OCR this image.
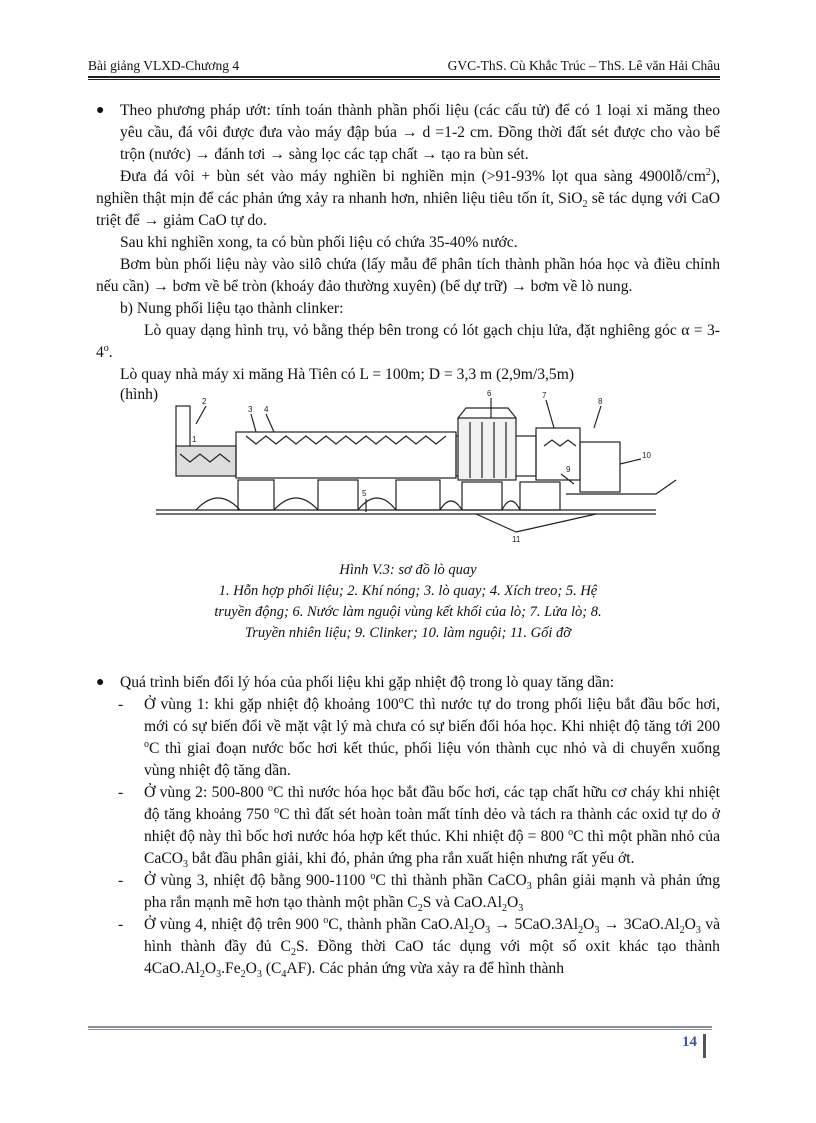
Bài giảng VLXD-Chương 4	GVC-ThS. Cù Khắc Trúc – ThS. Lê văn Hải Châu

● Theo phương pháp ướt: tính toán thành phần phối liệu (các cấu tử) để có 1 loại xi măng theo yêu cầu, đá vôi được đưa vào máy đập búa → d =1-2 cm. Đồng thời đất sét được cho vào bể trộn (nước) → đánh tơi → sàng lọc các tạp chất → tạo ra bùn sét.

Đưa đá vôi + bùn sét vào máy nghiền bi nghiền mịn (>91-93% lọt qua sàng $4900lỗ/cm^2$), nghiền thật mịn để các phản ứng xảy ra nhanh hơn, nhiên liệu tiêu tốn ít, SiO$_2$ sẽ tác dụng với CaO triệt để → giảm CaO tự do.

Sau khi nghiền xong, ta có bùn phối liệu có chứa 35-40% nước.

Bơm bùn phối liệu này vào silô chứa (lấy mẫu để phân tích thành phần hóa học và điều chỉnh nếu cần) → bơm về bể tròn (khoáy đảo thường xuyên) (bể dự trữ) → bơm về lò nung.

b) Nung phối liệu tạo thành clinker:

Lò quay dạng hình trụ, vỏ bằng thép bên trong có lót gạch chịu lửa, đặt nghiêng góc $\alpha = 3-4^o$.

Lò quay nhà máy xi măng Hà Tiên có L = 100m; D = 3,3 m (2,9m/3,5m)

(hình)	2
1
3 4
5
6	7
8
9
10
11
Hình V.3: sơ đồ lò quay
1. Hỗn hợp phối liệu; 2. Khí nóng; 3. lò quay; 4. Xích treo; 5. Hệ
truyền động; 6. Nước làm nguội vùng kết khối của lò; 7. Lửa lò; 8.
Truyền nhiên liệu; 9. Clinker; 10. làm nguội; 11. Gối đỡ

● Quá trình biến đổi lý hóa của phối liệu khi gặp nhiệt độ trong lò quay tăng dần:

- Ở vùng 1: khi gặp nhiệt độ khoảng 100$^o$C thì nước tự do trong phối liệu bắt đầu bốc hơi, mới có sự biến đổi về mặt vật lý mà chưa có sự biến đổi hóa học. Khi nhiệt độ tăng tới 200 $^o$C thì giai đoạn nước bốc hơi kết thúc, phối liệu vón thành cục nhỏ và di chuyển xuống vùng nhiệt độ tăng dần.

- Ở vùng 2: 500-800 $^o$C thì nước hóa học bắt đầu bốc hơi, các tạp chất hữu cơ cháy khi nhiệt độ tăng khoảng 750 $^o$C thì đất sét hoàn toàn mất tính dẻo và tách ra thành các oxid tự do ở nhiệt độ này thì bốc hơi nước hóa hợp kết thúc. Khi nhiệt độ = 800 $^o$C thì một phần nhỏ của CaCO$_3$ bắt đầu phân giải, khi đó, phản ứng pha rắn xuất hiện nhưng rất yếu ớt.

- Ở vùng 3, nhiệt độ bằng 900-1100 $^o$C thì thành phần CaCO$_3$ phân giải mạnh và phản ứng pha rắn mạnh mẽ hơn tạo thành một phần $C_2S$ và $CaO.Al_2O_3$

- Ở vùng 4, nhiệt độ trên 900 $^o$C, thành phần $CaO.Al_2O_3 \to 5CaO.3Al_2O_3 \to 3CaO.Al_2O_3$ và hình thành đầy đủ $C_2S$. Đồng thời CaO tác dụng với một số oxit khác tạo thành $4CaO.Al_2O_3.Fe_2O_3$ $(C_4AF)$. Các phản ứng vừa xảy ra để hình thành

14
